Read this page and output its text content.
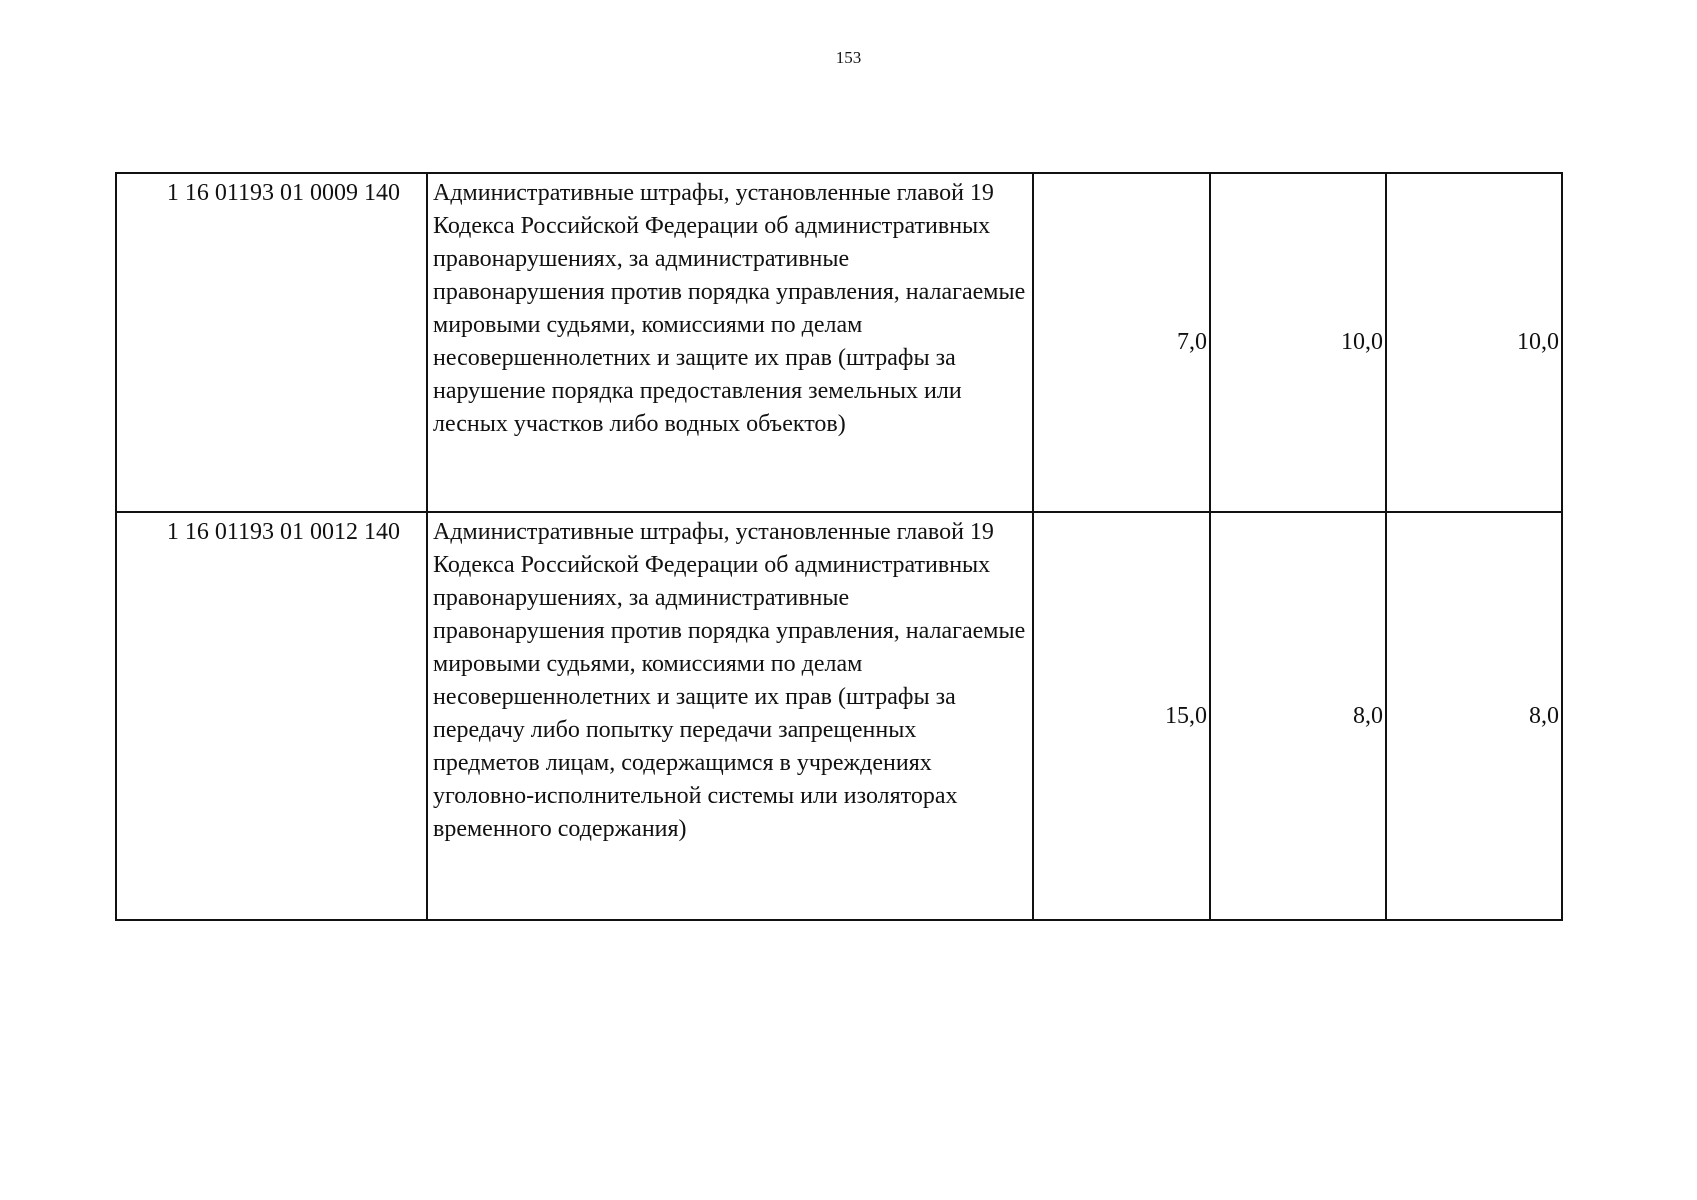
153
1 16 01193 01 0009 140	Административные штрафы, установленные главой 19 Кодекса Российской Федерации об административных правонарушениях, за административные правонарушения против порядка управления, налагаемые мировыми судьями, комиссиями по делам несовершеннолетних и защите их прав (штрафы за нарушение порядка предоставления земельных или лесных участков либо водных объектов)	7,0	10,0	10,0
1 16 01193 01 0012 140	Административные штрафы, установленные главой 19 Кодекса Российской Федерации об административных правонарушениях, за административные правонарушения против порядка управления, налагаемые мировыми судьями, комиссиями по делам несовершеннолетних и защите их прав (штрафы за передачу либо попытку передачи запрещенных предметов лицам, содержащимся в учреждениях уголовно-исполнительной системы или изоляторах временного содержания)	15,0	8,0	8,0
